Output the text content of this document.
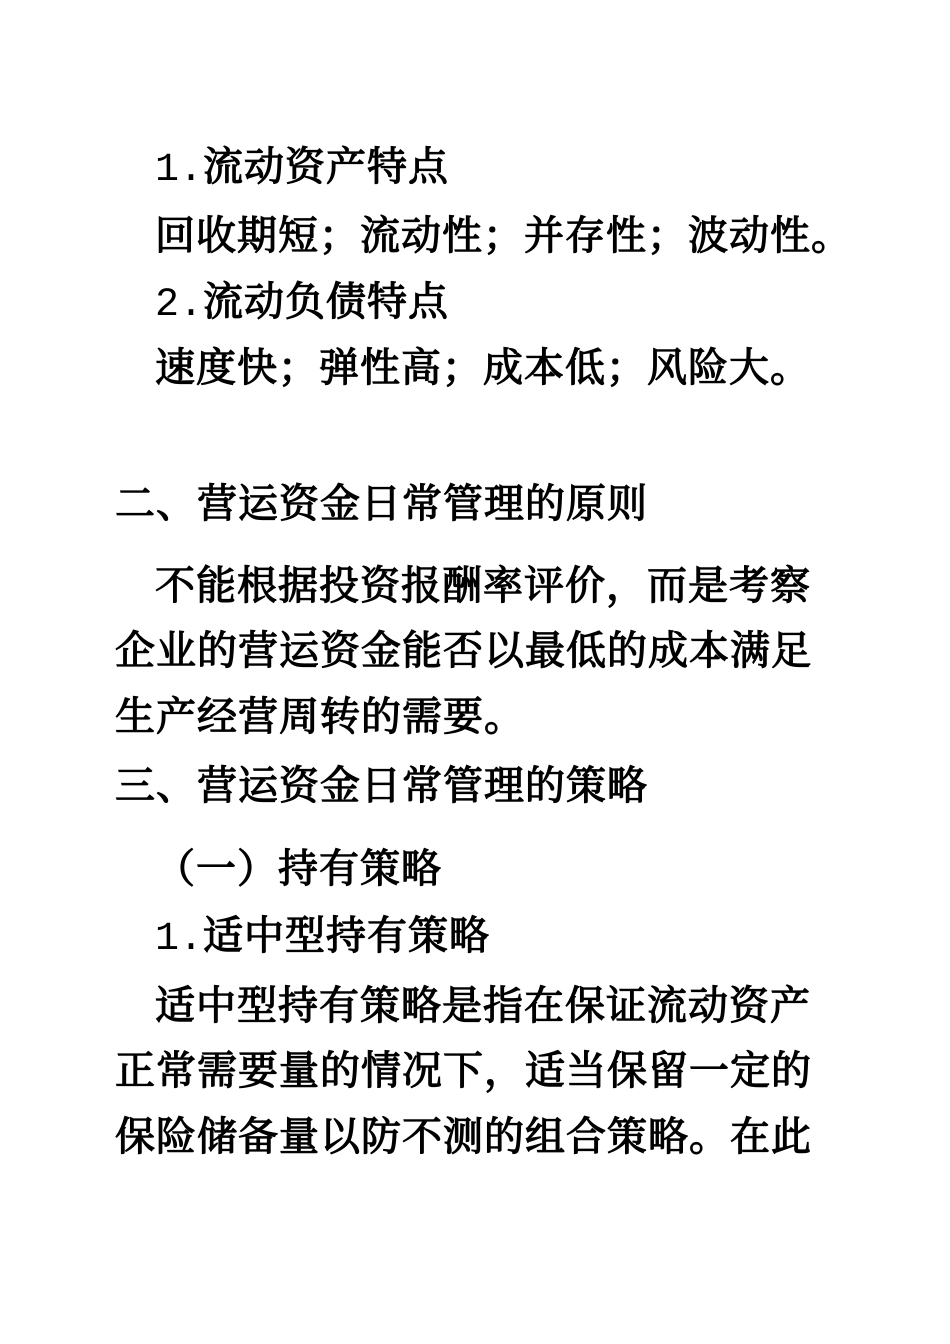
1.流动资产特点
回收期短；流动性；并存性；波动性。
2.流动负债特点
速度快；弹性高；成本低；风险大。
二、营运资金日常管理的原则
不能根据投资报酬率评价，而是考察
企业的营运资金能否以最低的成本满足
生产经营周转的需要。
三、营运资金日常管理的策略
（一）持有策略
1.适中型持有策略
适中型持有策略是指在保证流动资产
正常需要量的情况下，适当保留一定的
保险储备量以防不测的组合策略。在此
